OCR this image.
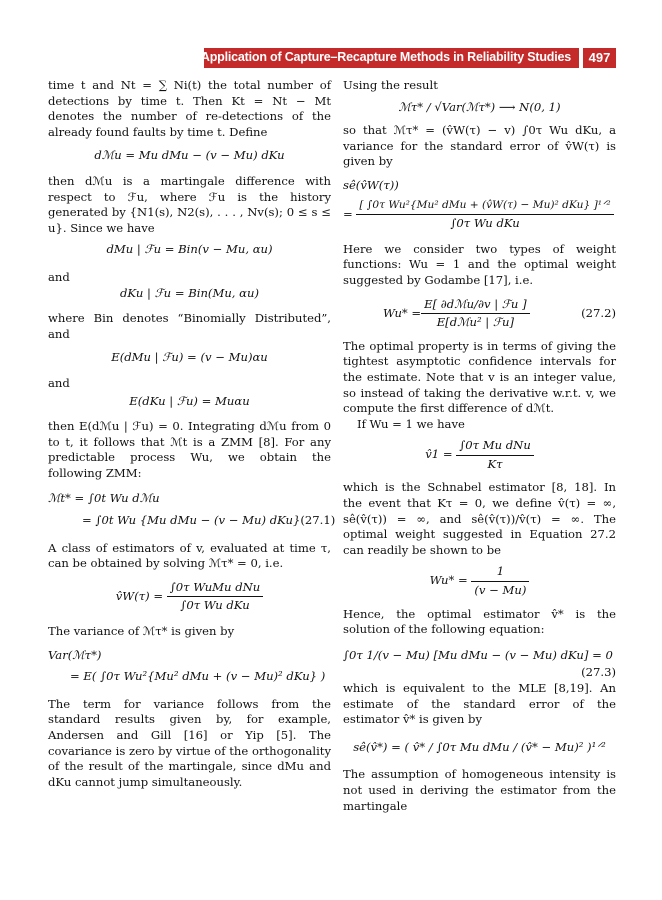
The Application of Capture–Recapture Methods in Reliability Studies	497

time t and Nt = ∑ Ni(t) the total number of detections by time t. Then Kt = Nt − Mt denotes the number of re-detections of the already found faults by time t. Define

dℳu = Mu dMu − (v − Mu) dKu

then dℳu is a martingale difference with respect to ℱu, where ℱu is the history generated by {N1(s), N2(s), . . . , Nv(s); 0 ≤ s ≤ u}. Since we have

dMu | ℱu = Bin(v − Mu, αu)

and

dKu | ℱu = Bin(Mu, αu)

where Bin denotes “Binomially Distributed”, and

E(dMu | ℱu) = (v − Mu)αu

and

E(dKu | ℱu) = Muαu

then E(dℳu | ℱu) = 0. Integrating dℳu from 0 to t, it follows that ℳt is a ZMM [8]. For any predictable process Wu, we obtain the following ZMM:

ℳt* = ∫0t Wu dℳu
= ∫0t Wu {Mu dMu − (v − Mu) dKu} (27.1)

A class of estimators of v, evaluated at time τ, can be obtained by solving ℳτ* = 0, i.e.

v̂W(τ) = $\frac{\text{∫0τ WuMu dNu}}{\text{∫0τ Wu dKu}}$

The variance of ℳτ* is given by

Var(ℳτ*)
= E( ∫0τ Wu²{Mu² dMu + (v − Mu)² dKu} )

The term for variance follows from the standard results given by, for example, Andersen and Gill [16] or Yip [5]. The covariance is zero by virtue of the orthogonality of the result of the martingale, since dMu and dKu cannot jump simultaneously.

Using the result

ℳτ* / √Var(ℳτ*) ⟶ N(0, 1)

so that ℳτ* = (v̂W(τ) − v) ∫0τ Wu dKu, a variance for the standard error of v̂W(τ) is given by

sê(v̂W(τ))
= $\frac{\text{[ ∫0τ Wu²\{Mu² dMu + (v̂W(τ) − Mu)² dKu\} ]¹ᐟ²}}{\text{∫0τ Wu dKu}}$

Here we consider two types of weight functions: Wu = 1 and the optimal weight suggested by Godambe [17], i.e.

$Wu* = \frac{\text{E[ ∂dℳu/∂v | ℱu ]}}{\text{E[dℳu² | ℱu]}}$	(27.2)

The optimal property is in terms of giving the tightest asymptotic confidence intervals for the estimate. Note that v is an integer value, so instead of taking the derivative w.r.t. v, we compute the first difference of dℳt.

If Wu = 1 we have

v̂1 = $\frac{\text{∫0τ Mu dNu}}{K\tau}$

which is the Schnabel estimator [8, 18]. In the event that Kτ = 0, we define v̂(τ) = ∞, sê(v̂(τ)) = ∞, and sê(v̂(τ))/v̂(τ) = ∞. The optimal weight suggested in Equation 27.2 can readily be shown to be

$Wu* = \frac{1}{(v - Mu)}$

Hence, the optimal estimator v̂* is the solution of the following equation:

∫0τ 1/(v − Mu) [Mu dMu − (v − Mu) dKu] = 0
(27.3)

which is equivalent to the MLE [8,19]. An estimate of the standard error of the estimator v̂* is given by

sê(v̂*) = ( v̂* / ∫0τ Mu dMu / (v̂* − Mu)² )¹ᐟ²

The assumption of homogeneous intensity is not used in deriving the estimator from the martingale
